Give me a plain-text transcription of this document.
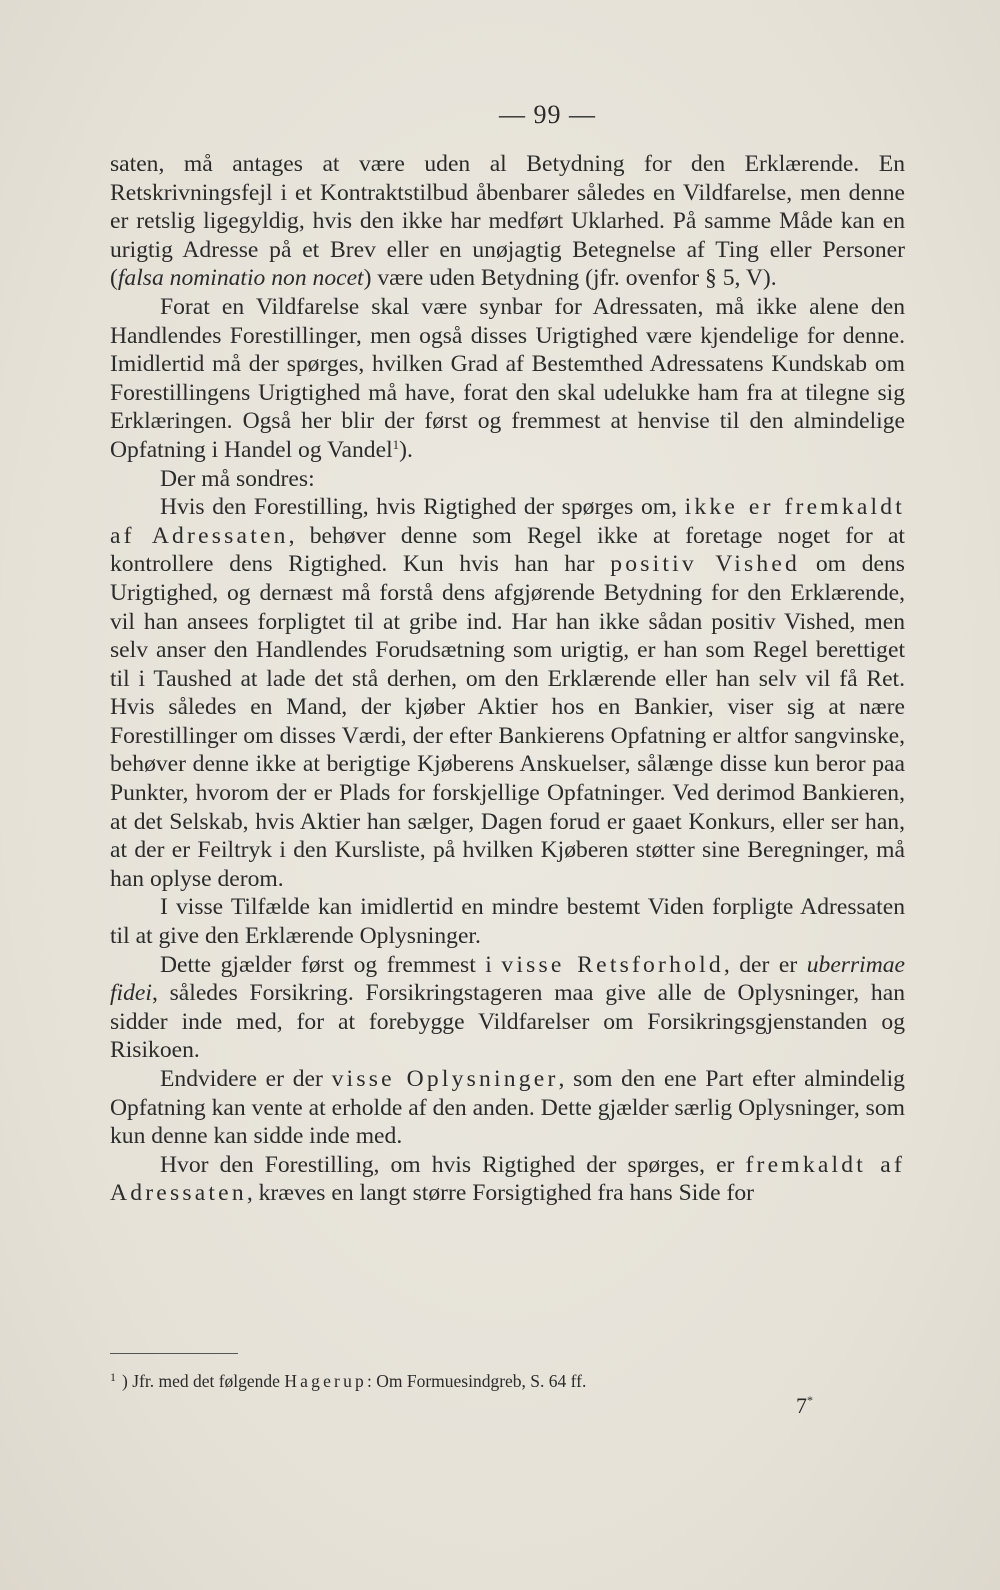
— 99 —

saten, må antages at være uden al Betydning for den Erklærende. En Retskrivningsfejl i et Kontraktstilbud åbenbarer således en Vildfarelse, men denne er retslig ligegyldig, hvis den ikke har medført Uklarhed. På samme Måde kan en urigtig Adresse på et Brev eller en unøjagtig Betegnelse af Ting eller Personer (falsa nominatio non nocet) være uden Betydning (jfr. ovenfor § 5, V).

Forat en Vildfarelse skal være synbar for Adressaten, må ikke alene den Handlendes Forestillinger, men også disses Urigtighed være kjendelige for denne. Imidlertid må der spørges, hvilken Grad af Bestemthed Adressatens Kundskab om Forestillingens Urigtighed må have, forat den skal udelukke ham fra at tilegne sig Erklæringen. Også her blir der først og fremmest at henvise til den almindelige Opfatning i Handel og Vandel$^1$).

Der må sondres:

Hvis den Forestilling, hvis Rigtighed der spørges om, ikke er fremkaldt af Adressaten, behøver denne som Regel ikke at foretage noget for at kontrollere dens Rigtighed. Kun hvis han har positiv Vished om dens Urigtighed, og dernæst må forstå dens afgjørende Betydning for den Erklærende, vil han ansees forpligtet til at gribe ind. Har han ikke sådan positiv Vished, men selv anser den Handlendes Forudsætning som urigtig, er han som Regel berettiget til i Taushed at lade det stå derhen, om den Erklærende eller han selv vil få Ret. Hvis således en Mand, der kjøber Aktier hos en Bankier, viser sig at nære Forestillinger om disses Værdi, der efter Bankierens Opfatning er altfor sangvinske, behøver denne ikke at berigtige Kjøberens Anskuelser, sålænge disse kun beror paa Punkter, hvorom der er Plads for forskjellige Opfatninger. Ved derimod Bankieren, at det Selskab, hvis Aktier han sælger, Dagen forud er gaaet Konkurs, eller ser han, at der er Feiltryk i den Kursliste, på hvilken Kjøberen støtter sine Beregninger, må han oplyse derom.

I visse Tilfælde kan imidlertid en mindre bestemt Viden forpligte Adressaten til at give den Erklærende Oplysninger.

Dette gjælder først og fremmest i visse Retsforhold, der er uberrimae fidei, således Forsikring. Forsikringstageren maa give alle de Oplysninger, han sidder inde med, for at forebygge Vildfarelser om Forsikringsgjenstanden og Risikoen.

Endvidere er der visse Oplysninger, som den ene Part efter almindelig Opfatning kan vente at erholde af den anden. Dette gjælder særlig Oplysninger, som kun denne kan sidde inde med.

Hvor den Forestilling, om hvis Rigtighed der spørges, er fremkaldt af Adressaten, kræves en langt større Forsigtighed fra hans Side for

$^1$ ) Jfr. med det følgende Hagerup: Om Formuesindgreb, S. 64 ff.
7*
